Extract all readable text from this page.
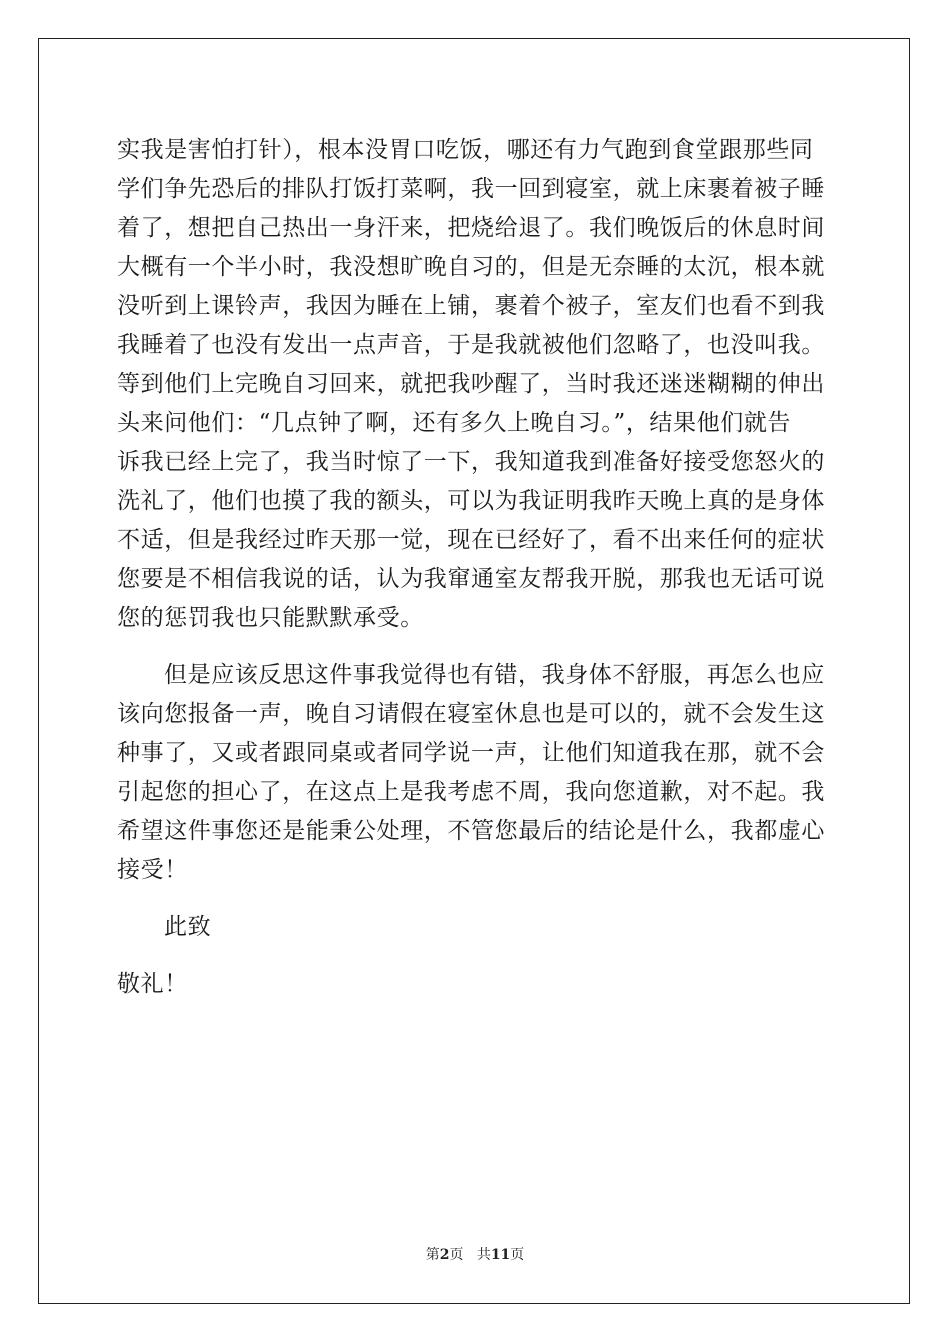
实我是害怕打针），根本没胃口吃饭，哪还有力气跑到食堂跟那些同
学们争先恐后的排队打饭打菜啊，我一回到寝室，就上床裹着被子睡
着了，想把自己热出一身汗来，把烧给退了。我们晚饭后的休息时间
大概有一个半小时，我没想旷晚自习的，但是无奈睡的太沉，根本就
没听到上课铃声，我因为睡在上铺，裹着个被子，室友们也看不到我
我睡着了也没有发出一点声音，于是我就被他们忽略了，也没叫我。
等到他们上完晚自习回来，就把我吵醒了，当时我还迷迷糊糊的伸出
头来问他们：“几点钟了啊，还有多久上晚自习。”，结果他们就告
诉我已经上完了，我当时惊了一下，我知道我到准备好接受您怒火的
洗礼了，他们也摸了我的额头，可以为我证明我昨天晚上真的是身体
不适，但是我经过昨天那一觉，现在已经好了，看不出来任何的症状
您要是不相信我说的话，认为我窜通室友帮我开脱，那我也无话可说
您的惩罚我也只能默默承受。
但是应该反思这件事我觉得也有错，我身体不舒服，再怎么也应
该向您报备一声，晚自习请假在寝室休息也是可以的，就不会发生这
种事了，又或者跟同桌或者同学说一声，让他们知道我在那，就不会
引起您的担心了，在这点上是我考虑不周，我向您道歉，对不起。我
希望这件事您还是能秉公处理，不管您最后的结论是什么，我都虚心
接受！
此致
敬礼！
第2页 共11页
